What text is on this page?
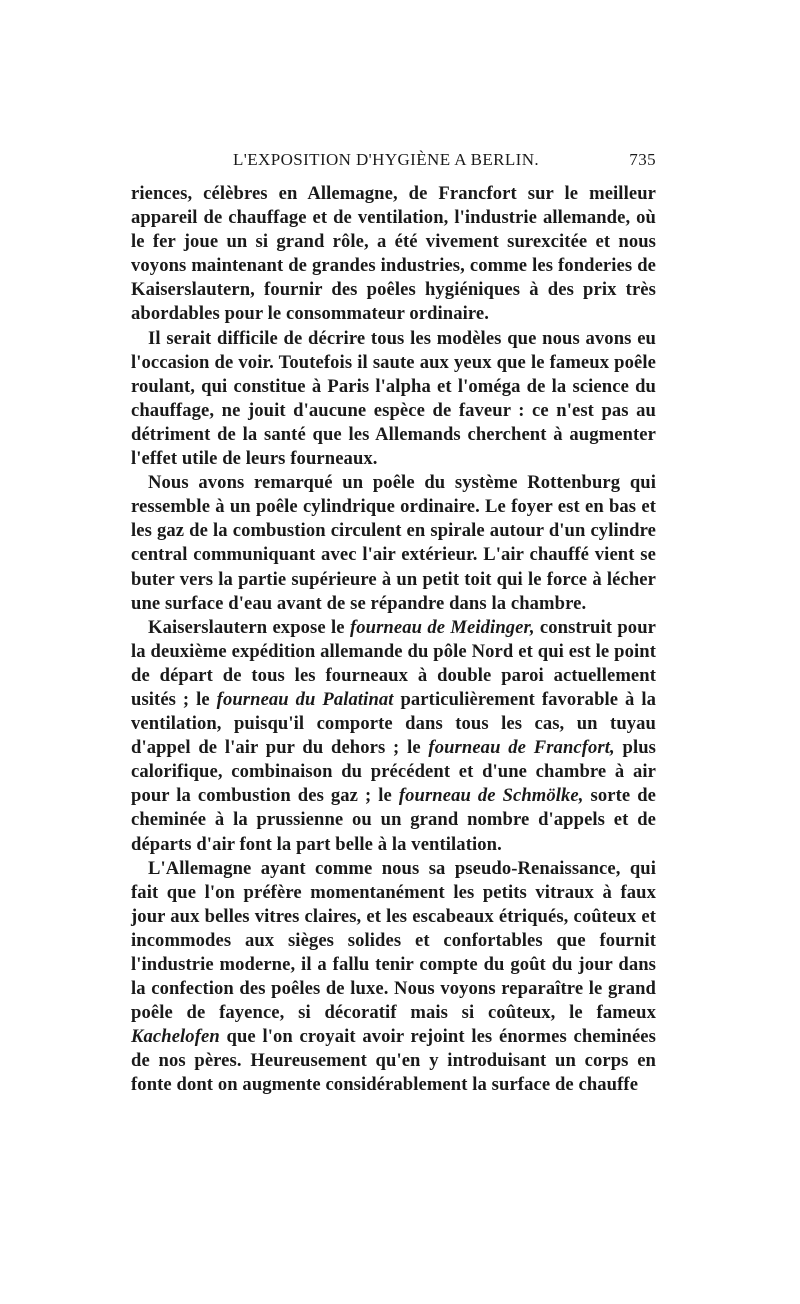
L'EXPOSITION D'HYGIÈNE A BERLIN.	735

riences, célèbres en Allemagne, de Francfort sur le meilleur appareil de chauffage et de ventilation, l'industrie allemande, où le fer joue un si grand rôle, a été vivement surexcitée et nous voyons maintenant de grandes industries, comme les fonderies de Kaiserslautern, fournir des poêles hygiéniques à des prix très abordables pour le consommateur ordinaire.

Il serait difficile de décrire tous les modèles que nous avons eu l'occasion de voir. Toutefois il saute aux yeux que le fameux poêle roulant, qui constitue à Paris l'alpha et l'oméga de la science du chauffage, ne jouit d'aucune espèce de faveur : ce n'est pas au détriment de la santé que les Allemands cherchent à augmenter l'effet utile de leurs fourneaux.

Nous avons remarqué un poêle du système Rottenburg qui ressemble à un poêle cylindrique ordinaire. Le foyer est en bas et les gaz de la combustion circulent en spirale autour d'un cylindre central communiquant avec l'air extérieur. L'air chauffé vient se buter vers la partie supérieure à un petit toit qui le force à lécher une surface d'eau avant de se répandre dans la chambre.

Kaiserslautern expose le fourneau de Meidinger, construit pour la deuxième expédition allemande du pôle Nord et qui est le point de départ de tous les fourneaux à double paroi actuellement usités ; le fourneau du Palatinat particulièrement favorable à la ventilation, puisqu'il comporte dans tous les cas, un tuyau d'appel de l'air pur du dehors ; le fourneau de Francfort, plus calorifique, combinaison du précédent et d'une chambre à air pour la combustion des gaz ; le fourneau de Schmölke, sorte de cheminée à la prussienne ou un grand nombre d'appels et de départs d'air font la part belle à la ventilation.

L'Allemagne ayant comme nous sa pseudo-Renaissance, qui fait que l'on préfère momentanément les petits vitraux à faux jour aux belles vitres claires, et les escabeaux étriqués, coûteux et incommodes aux sièges solides et confortables que fournit l'industrie moderne, il a fallu tenir compte du goût du jour dans la confection des poêles de luxe. Nous voyons reparaître le grand poêle de fayence, si décoratif mais si coûteux, le fameux Kachelofen que l'on croyait avoir rejoint les énormes cheminées de nos pères. Heureusement qu'en y introduisant un corps en fonte dont on augmente considérablement la surface de chauffe
